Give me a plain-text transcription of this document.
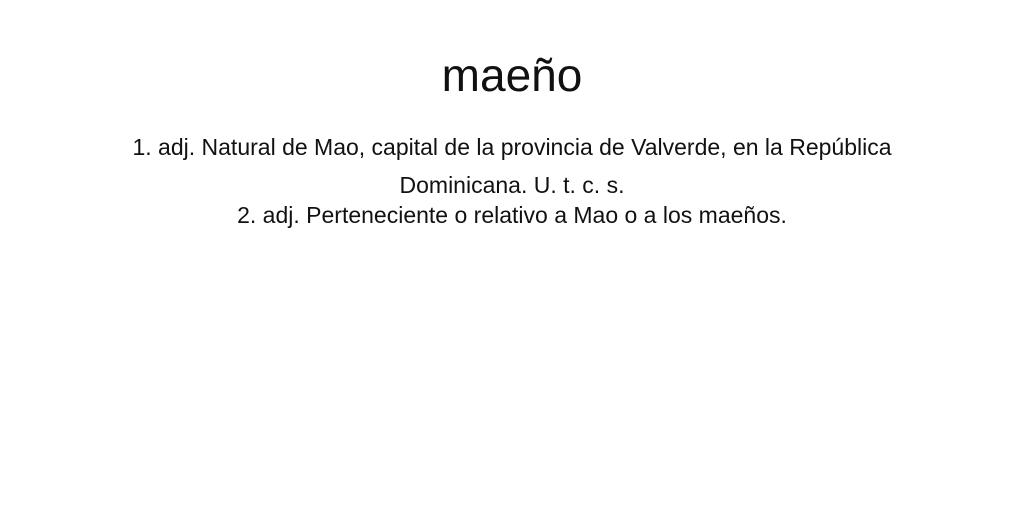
maeño
1. adj. Natural de Mao, capital de la provincia de Valverde, en la República Dominicana. U. t. c. s.
2. adj. Perteneciente o relativo a Mao o a los maeños.
